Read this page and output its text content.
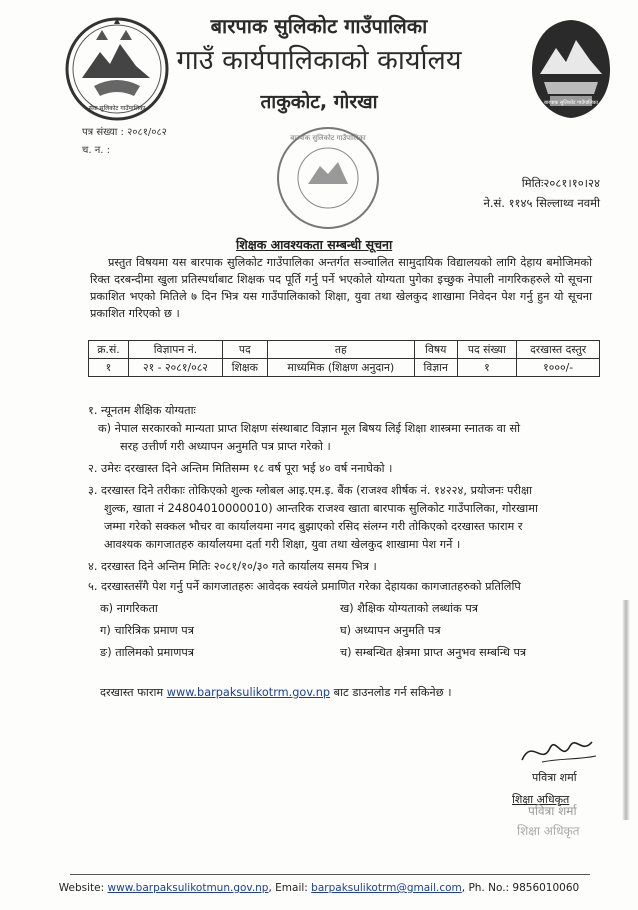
सेवा सुलिकोट गाउँपालिका
बारपाक सुलिकोट गाउँपालिका
बारपाक सुलिकोट गाउँपालिका
गाउँ कार्यपालिकाको कार्यालय
ताकुकोट, गोरखा
पत्र संख्या : २०८१/०८२
च. न. :
बारपाक सुलिकोट गाउँपालिका
मितिः२०८१।१०।२४
ने.सं. ११४५ सिल्लाथ्व नवमी
शिक्षक आवश्यकता सम्बन्धी सूचना
प्रस्तुत विषयमा यस बारपाक सुलिकोट गाउँपालिका अन्तर्गत सञ्चालित सामुदायिक विद्यालयको लागि देहाय बमोजिमको रिक्त दरबन्दीमा खुला प्रतिस्पर्धाबाट शिक्षक पद पूर्ति गर्नु पर्ने भएकोले योग्यता पुगेका इच्छुक नेपाली नागरिकहरुले यो सूचना प्रकाशित भएको मितिले ७ दिन भित्र यस गाउँपालिकाको शिक्षा, युवा तथा खेलकुद शाखामा निवेदन पेश गर्नु हुन यो सूचना प्रकाशित गरिएको छ ।
क्र.सं.	विज्ञापन नं.	पद	तह	विषय	पद संख्या	दरखास्त दस्तुर
१	२१ - २०८१/०८२	शिक्षक	माध्यमिक (शिक्षण अनुदान)	विज्ञान	१	१०००/-
१. न्यूनतम शैक्षिक योग्यताः
क) नेपाल सरकारको मान्यता प्राप्त शिक्षण संस्थाबाट विज्ञान मूल बिषय लिई शिक्षा शास्त्रमा स्नातक वा सो
सरह उत्तीर्ण गरी अध्यापन अनुमति पत्र प्राप्त गरेको ।
२. उमेरः दरखास्त दिने अन्तिम मितिसम्म १८ वर्ष पूरा भई ४० वर्ष ननाघेको ।
३. दरखास्त दिने तरीकाः तोकिएको शुल्क ग्लोबल आइ.एम.इ. बैंक (राजश्व शीर्षक नं. १४२२४, प्रयोजनः परीक्षा
शुल्क, खाता नं 24804010000010) आन्तरिक राजश्व खाता बारपाक सुलिकोट गाउँपालिका, गोरखामा
जम्मा गरेको सक्कल भौचर वा कार्यालयमा नगद बुझाएको रसिद संलग्न गरी तोकिएको दरखास्त फाराम र
आवश्यक कागजातहरु कार्यालयमा दर्ता गरी शिक्षा, युवा तथा खेलकुद शाखामा पेश गर्ने ।
४. दरखास्त दिने अन्तिम मितिः २०८१/१०/३० गते कार्यालय समय भित्र ।
५. दरखास्तसँगै पेश गर्नु पर्ने कागजातहरुः आवेदक स्वयंले प्रमाणित गरेका देहायका कागजातहरुको प्रतिलिपि
क) नागरिकता	ख) शैक्षिक योग्यताको लब्धांक पत्र
ग) चारित्रिक प्रमाण पत्र	घ) अध्यापन अनुमति पत्र
ङ) तालिमको प्रमाणपत्र	च) सम्बन्धित क्षेत्रमा प्राप्त अनुभव सम्बन्धि पत्र
दरखास्त फाराम www.barpaksulikotrm.gov.np बाट डाउनलोड गर्न सकिनेछ ।
पवित्रा शर्मा
शिक्षा अधिकृत
पवित्रा शर्मा
शिक्षा अधिकृत
Website: www.barpaksulikotmun.gov.np, Email: barpaksulikotrm@gmail.com, Ph. No.: 9856010060
